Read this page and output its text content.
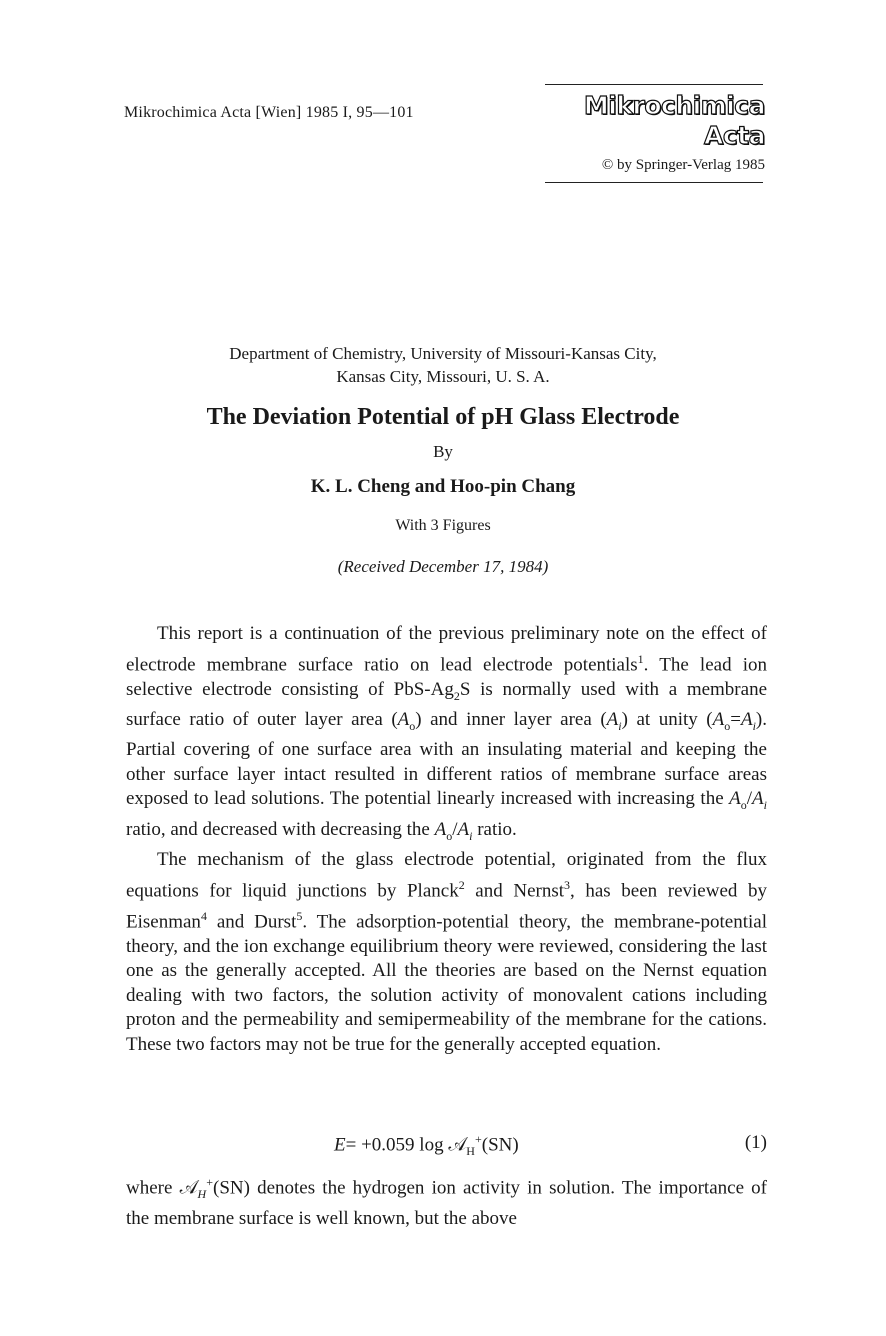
Mikrochimica Acta [Wien] 1985 I, 95—101	Mikrochimica Acta
© by Springer-Verlag 1985
Department of Chemistry, University of Missouri-Kansas City,
Kansas City, Missouri, U. S. A.
The Deviation Potential of pH Glass Electrode
By
K. L. Cheng and Hoo-pin Chang
With 3 Figures
(Received December 17, 1984)

This report is a continuation of the previous preliminary note on the effect of electrode membrane surface ratio on lead electrode potentials$^1$. The lead ion selective electrode consisting of PbS-$Ag_2S$ is normally used with a membrane surface ratio of outer layer area $(A_o)$ and inner layer area $(A_i)$ at unity $(A_o=A_i)$. Partial covering of one surface area with an insulating material and keeping the other surface layer intact resulted in different ratios of membrane surface areas exposed to lead solutions. The potential linearly increased with increasing the $A_o/A_i$ ratio, and decreased with decreasing the $A_o/A_i$ ratio.

The mechanism of the glass electrode potential, originated from the flux equations for liquid junctions by Planck$^2$ and Nernst$^3$, has been reviewed by Eisenman$^4$ and Durst$^5$. The adsorption-potential theory, the membrane-potential theory, and the ion exchange equilibrium theory were reviewed, considering the last one as the generally accepted. All the theories are based on the Nernst equation dealing with two factors, the solution activity of monovalent cations including proton and the permeability and semipermeability of the membrane for the cations. These two factors may not be true for the generally accepted equation.

E= +0.059 log 𝒜$_H$+(SN)	(1)

where 𝒜$_H$+(SN) denotes the hydrogen ion activity in solution. The importance of the membrane surface is well known, but the above
